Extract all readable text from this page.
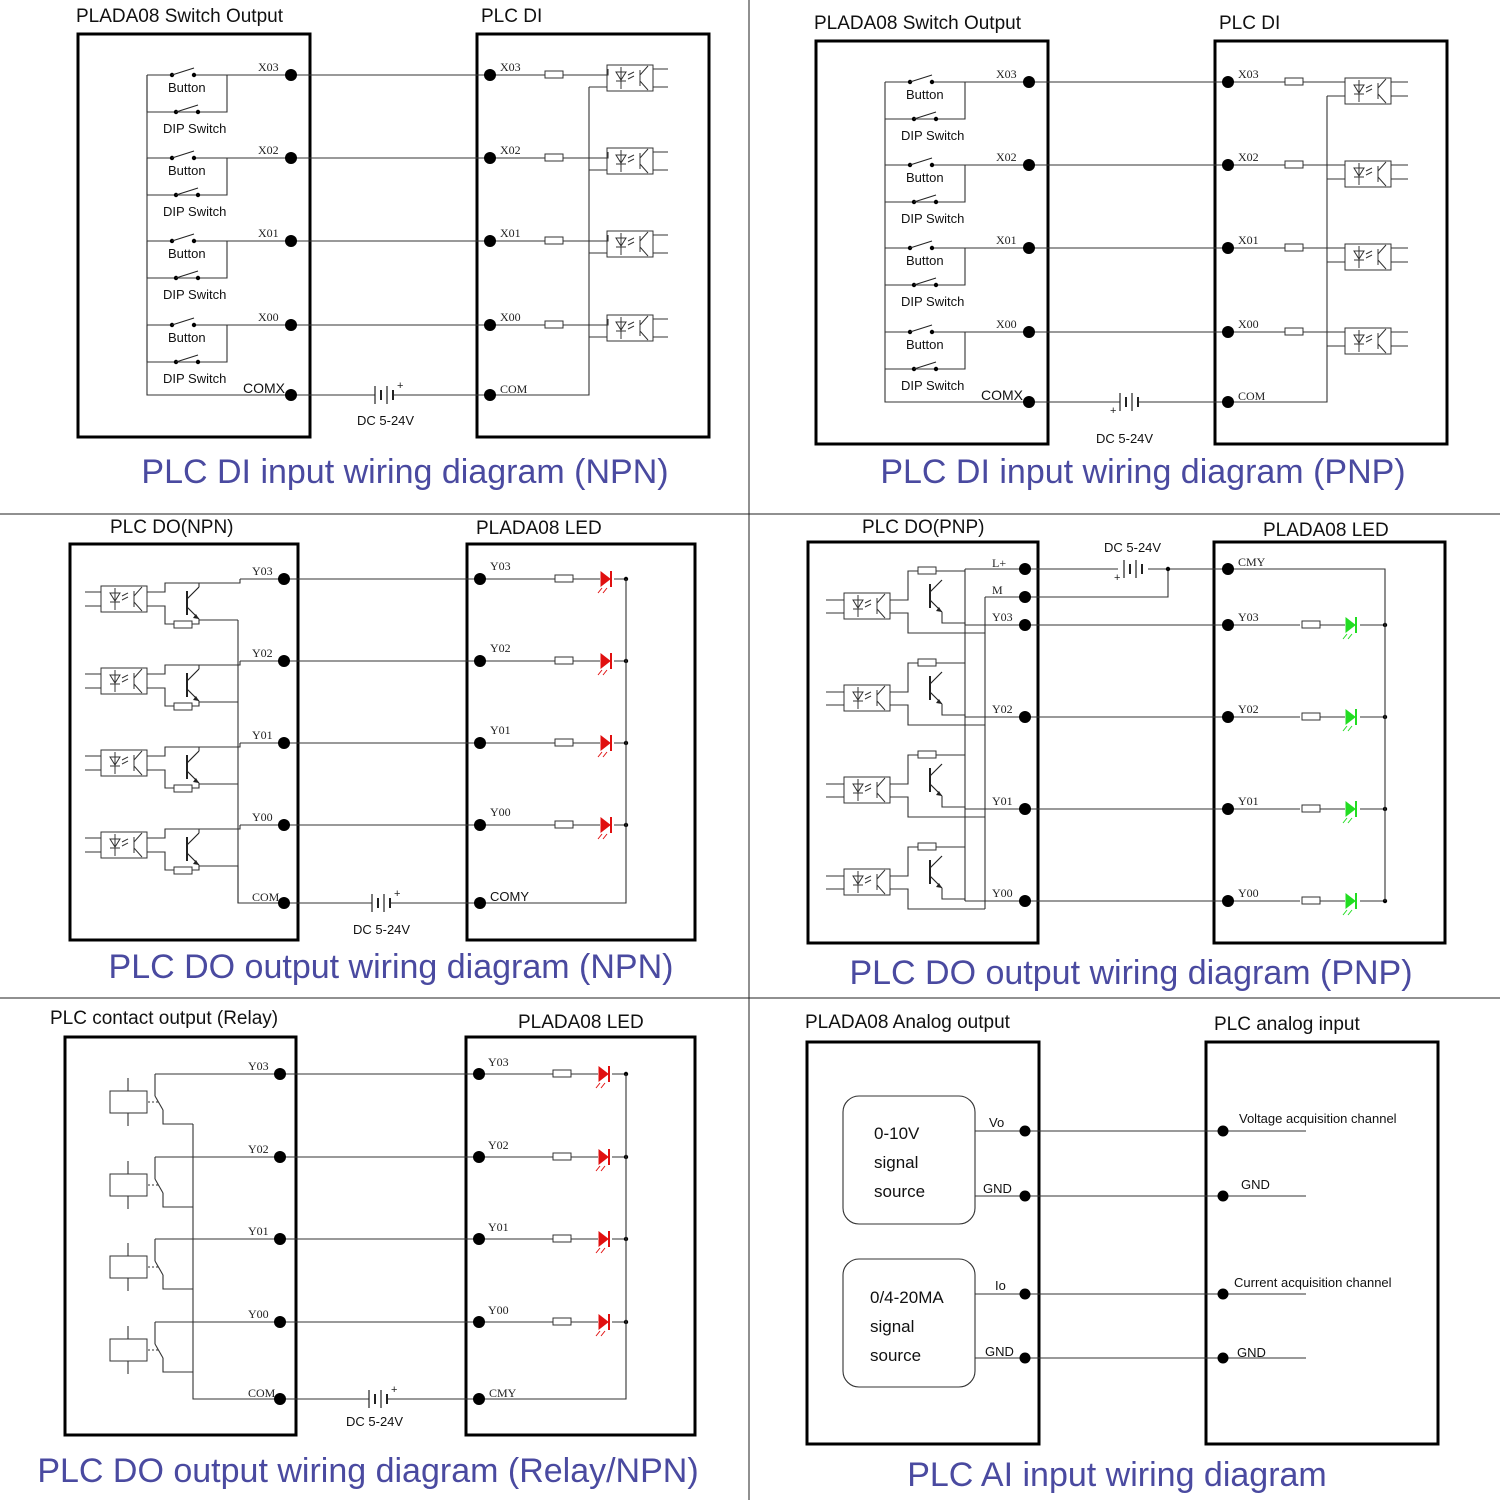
PLADA08 Switch Output	PLC DI
Button
DIP Switch
X03	X03
Button
DIP Switch
X02	X02
Button
DIP Switch
X01	X01
Button
DIP Switch
X00	X00
+
COMX	COM
DC 5-24V
PLC DI input wiring diagram (NPN)
PLADA08 Switch Output	PLC DI
Button
DIP Switch
X03	X03
Button
DIP Switch
X02	X02
Button
DIP Switch
X01	X01
Button
DIP Switch
X00	X00
+
COMX	COM
DC 5-24V
PLC DI input wiring diagram (PNP)
PLC DO(NPN)	PLADA08 LED
Y03	Y03
Y02	Y02
Y01	Y01
Y00	Y00
+
COM	COMY
DC 5-24V
PLC DO output wiring diagram (NPN)
PLC DO(PNP)	PLADA08 LED
Y03	Y03
Y02	Y02
Y01	Y01
Y00	Y00
+
L+
M
CMY
DC 5-24V
PLC DO output wiring diagram (PNP)
PLC contact output (Relay)	PLADA08 LED
Y03	Y03
Y02	Y02
Y01	Y01
Y00	Y00
+
COM	CMY
DC 5-24V
PLC DO output wiring diagram (Relay/NPN)
PLADA08 Analog output	PLC analog input
0-10V
signal
source
0/4-20MA
signal
source
Vo
GND
Io
GND
Voltage acquisition channel
GND
Current acquisition channel
GND
PLC AI input wiring diagram
